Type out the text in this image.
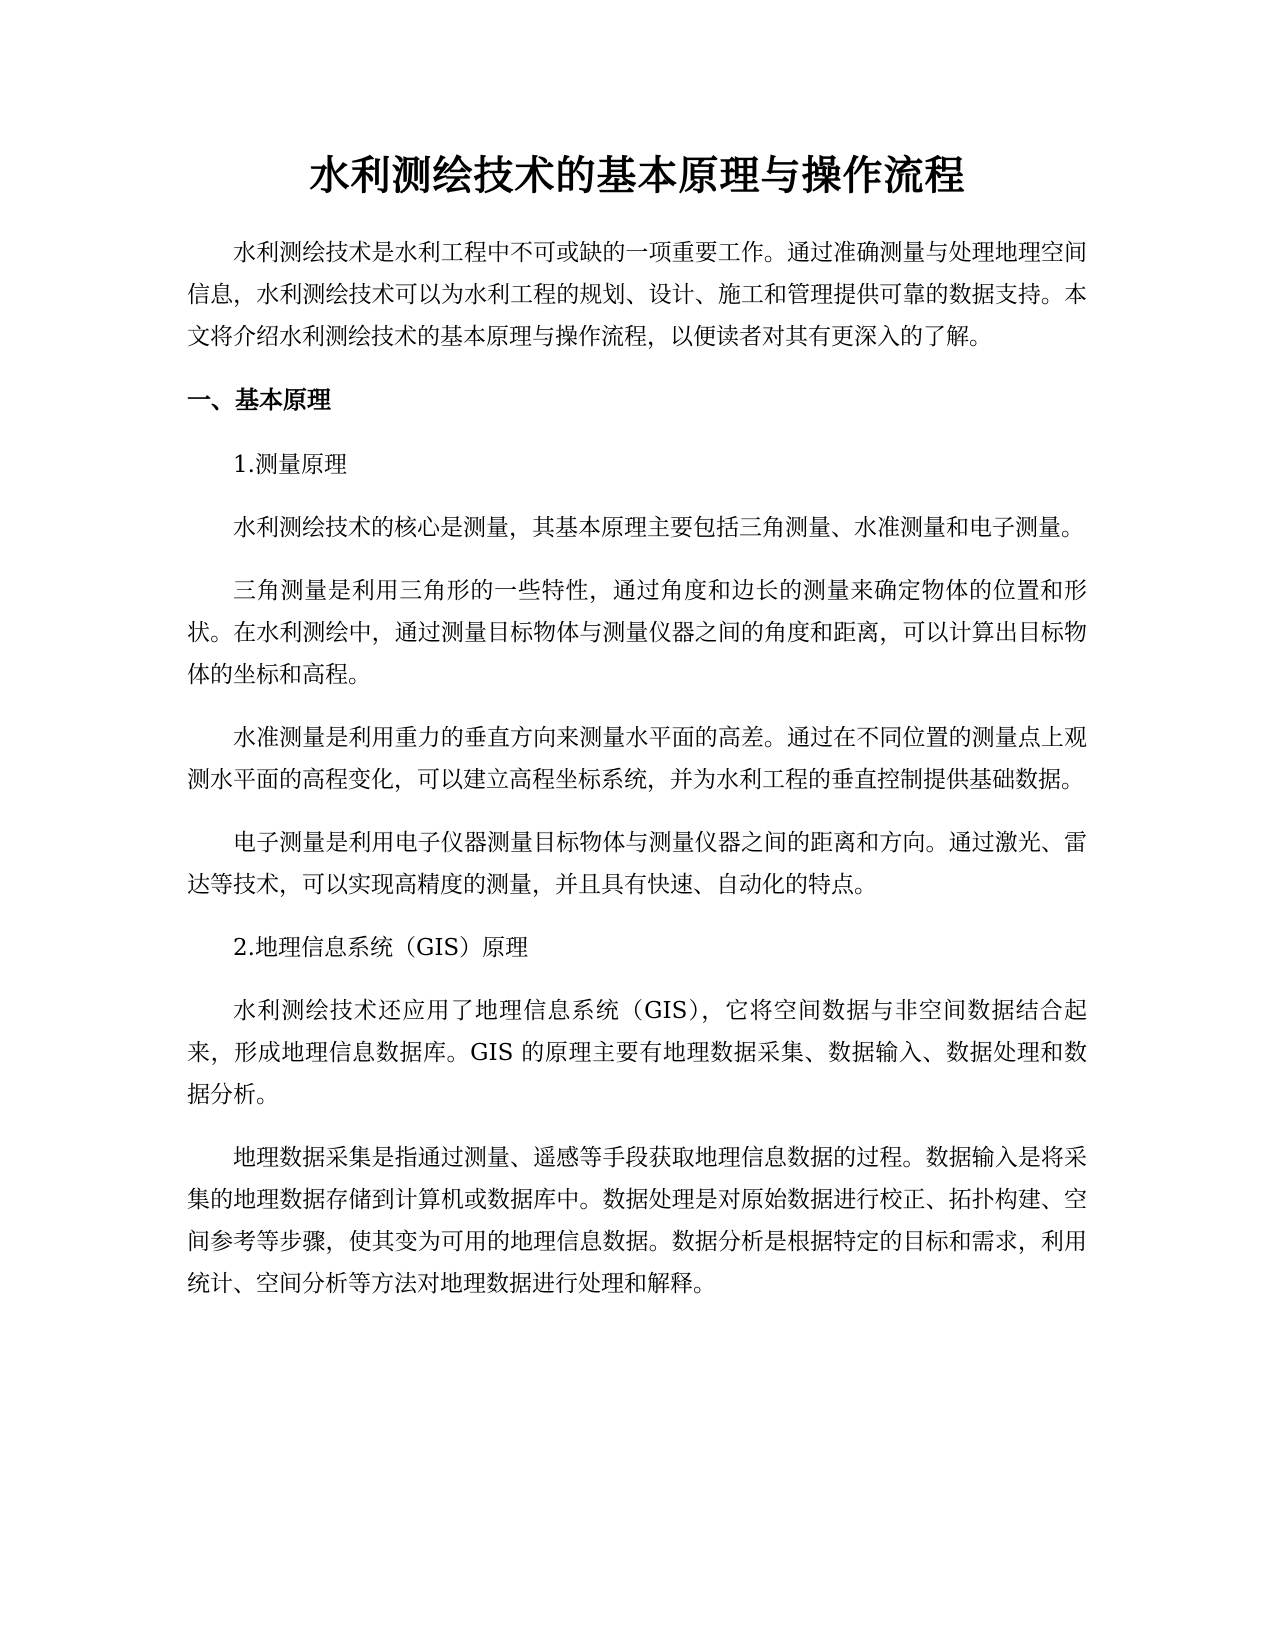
水利测绘技术的基本原理与操作流程

水利测绘技术是水利工程中不可或缺的一项重要工作。通过准确测量与处理地理空间信息，水利测绘技术可以为水利工程的规划、设计、施工和管理提供可靠的数据支持。本文将介绍水利测绘技术的基本原理与操作流程，以便读者对其有更深入的了解。

一、基本原理

1.测量原理

水利测绘技术的核心是测量，其基本原理主要包括三角测量、水准测量和电子测量。

三角测量是利用三角形的一些特性，通过角度和边长的测量来确定物体的位置和形状。在水利测绘中，通过测量目标物体与测量仪器之间的角度和距离，可以计算出目标物体的坐标和高程。

水准测量是利用重力的垂直方向来测量水平面的高差。通过在不同位置的测量点上观测水平面的高程变化，可以建立高程坐标系统，并为水利工程的垂直控制提供基础数据。

电子测量是利用电子仪器测量目标物体与测量仪器之间的距离和方向。通过激光、雷达等技术，可以实现高精度的测量，并且具有快速、自动化的特点。

2.地理信息系统（GIS）原理

水利测绘技术还应用了地理信息系统（GIS），它将空间数据与非空间数据结合起来，形成地理信息数据库。GIS 的原理主要有地理数据采集、数据输入、数据处理和数据分析。

地理数据采集是指通过测量、遥感等手段获取地理信息数据的过程。数据输入是将采集的地理数据存储到计算机或数据库中。数据处理是对原始数据进行校正、拓扑构建、空间参考等步骤，使其变为可用的地理信息数据。数据分析是根据特定的目标和需求，利用统计、空间分析等方法对地理数据进行处理和解释。
